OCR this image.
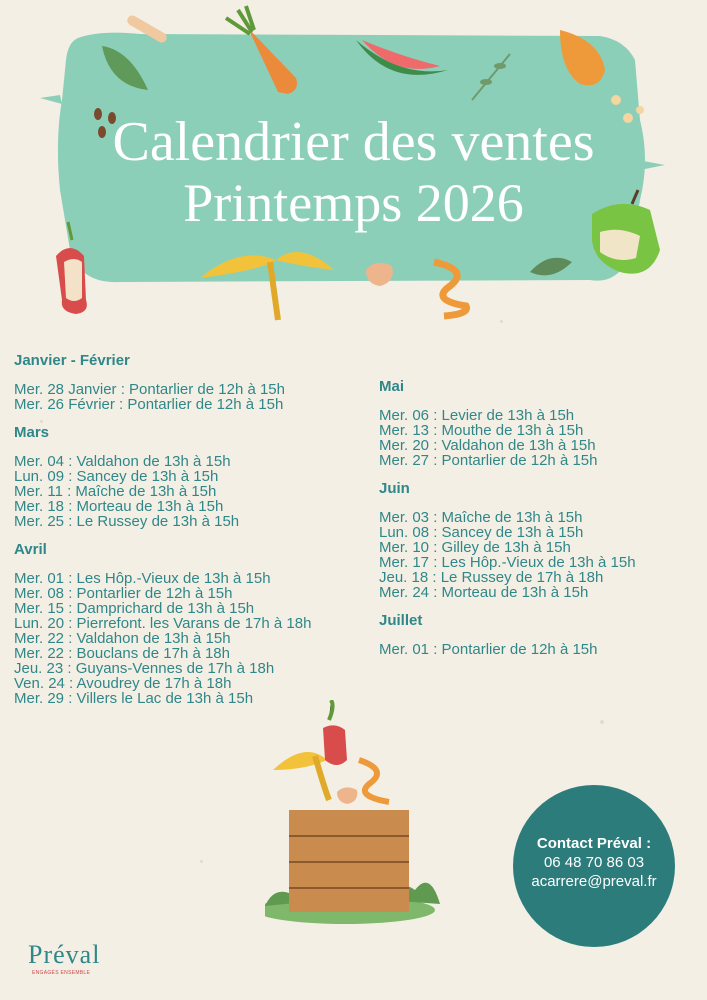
Calendrier des ventes
Printemps 2026
Janvier - Février
Mer. 28 Janvier : Pontarlier de 12h à 15h
Mer. 26 Février : Pontarlier de 12h à 15h
Mars
Mer. 04 : Valdahon de 13h à 15h
Lun. 09 : Sancey de 13h à 15h
Mer. 11 : Maîche de 13h à 15h
Mer. 18 : Morteau de 13h à 15h
Mer. 25 : Le Russey de 13h à 15h
Avril
Mer. 01 : Les Hôp.-Vieux de 13h à 15h
Mer. 08 : Pontarlier de 12h à 15h
Mer. 15 : Damprichard de 13h à 15h
Lun. 20 : Pierrefont. les Varans de 17h à 18h
Mer. 22 : Valdahon de 13h à 15h
Mer. 22 : Bouclans de 17h à 18h
Jeu. 23 : Guyans-Vennes de 17h à 18h
Ven. 24 : Avoudrey de 17h à 18h
Mer. 29 : Villers le Lac de 13h à 15h
Mai
Mer. 06 : Levier de 13h à 15h
Mer. 13 : Mouthe de 13h à 15h
Mer. 20 : Valdahon de 13h à 15h
Mer. 27 : Pontarlier de 12h à 15h
Juin
Mer. 03 : Maîche de 13h à 15h
Lun. 08 : Sancey de 13h à 15h
Mer. 10 : Gilley de 13h à 15h
Mer. 17 : Les Hôp.-Vieux de 13h à 15h
Jeu. 18 : Le Russey de 17h à 18h
Mer. 24 : Morteau de 13h à 15h
Juillet
Mer. 01 : Pontarlier de 12h à 15h
Contact Préval :
06 48 70 86 03
acarrere@preval.fr
Préval
ENGAGÉS ENSEMBLE
